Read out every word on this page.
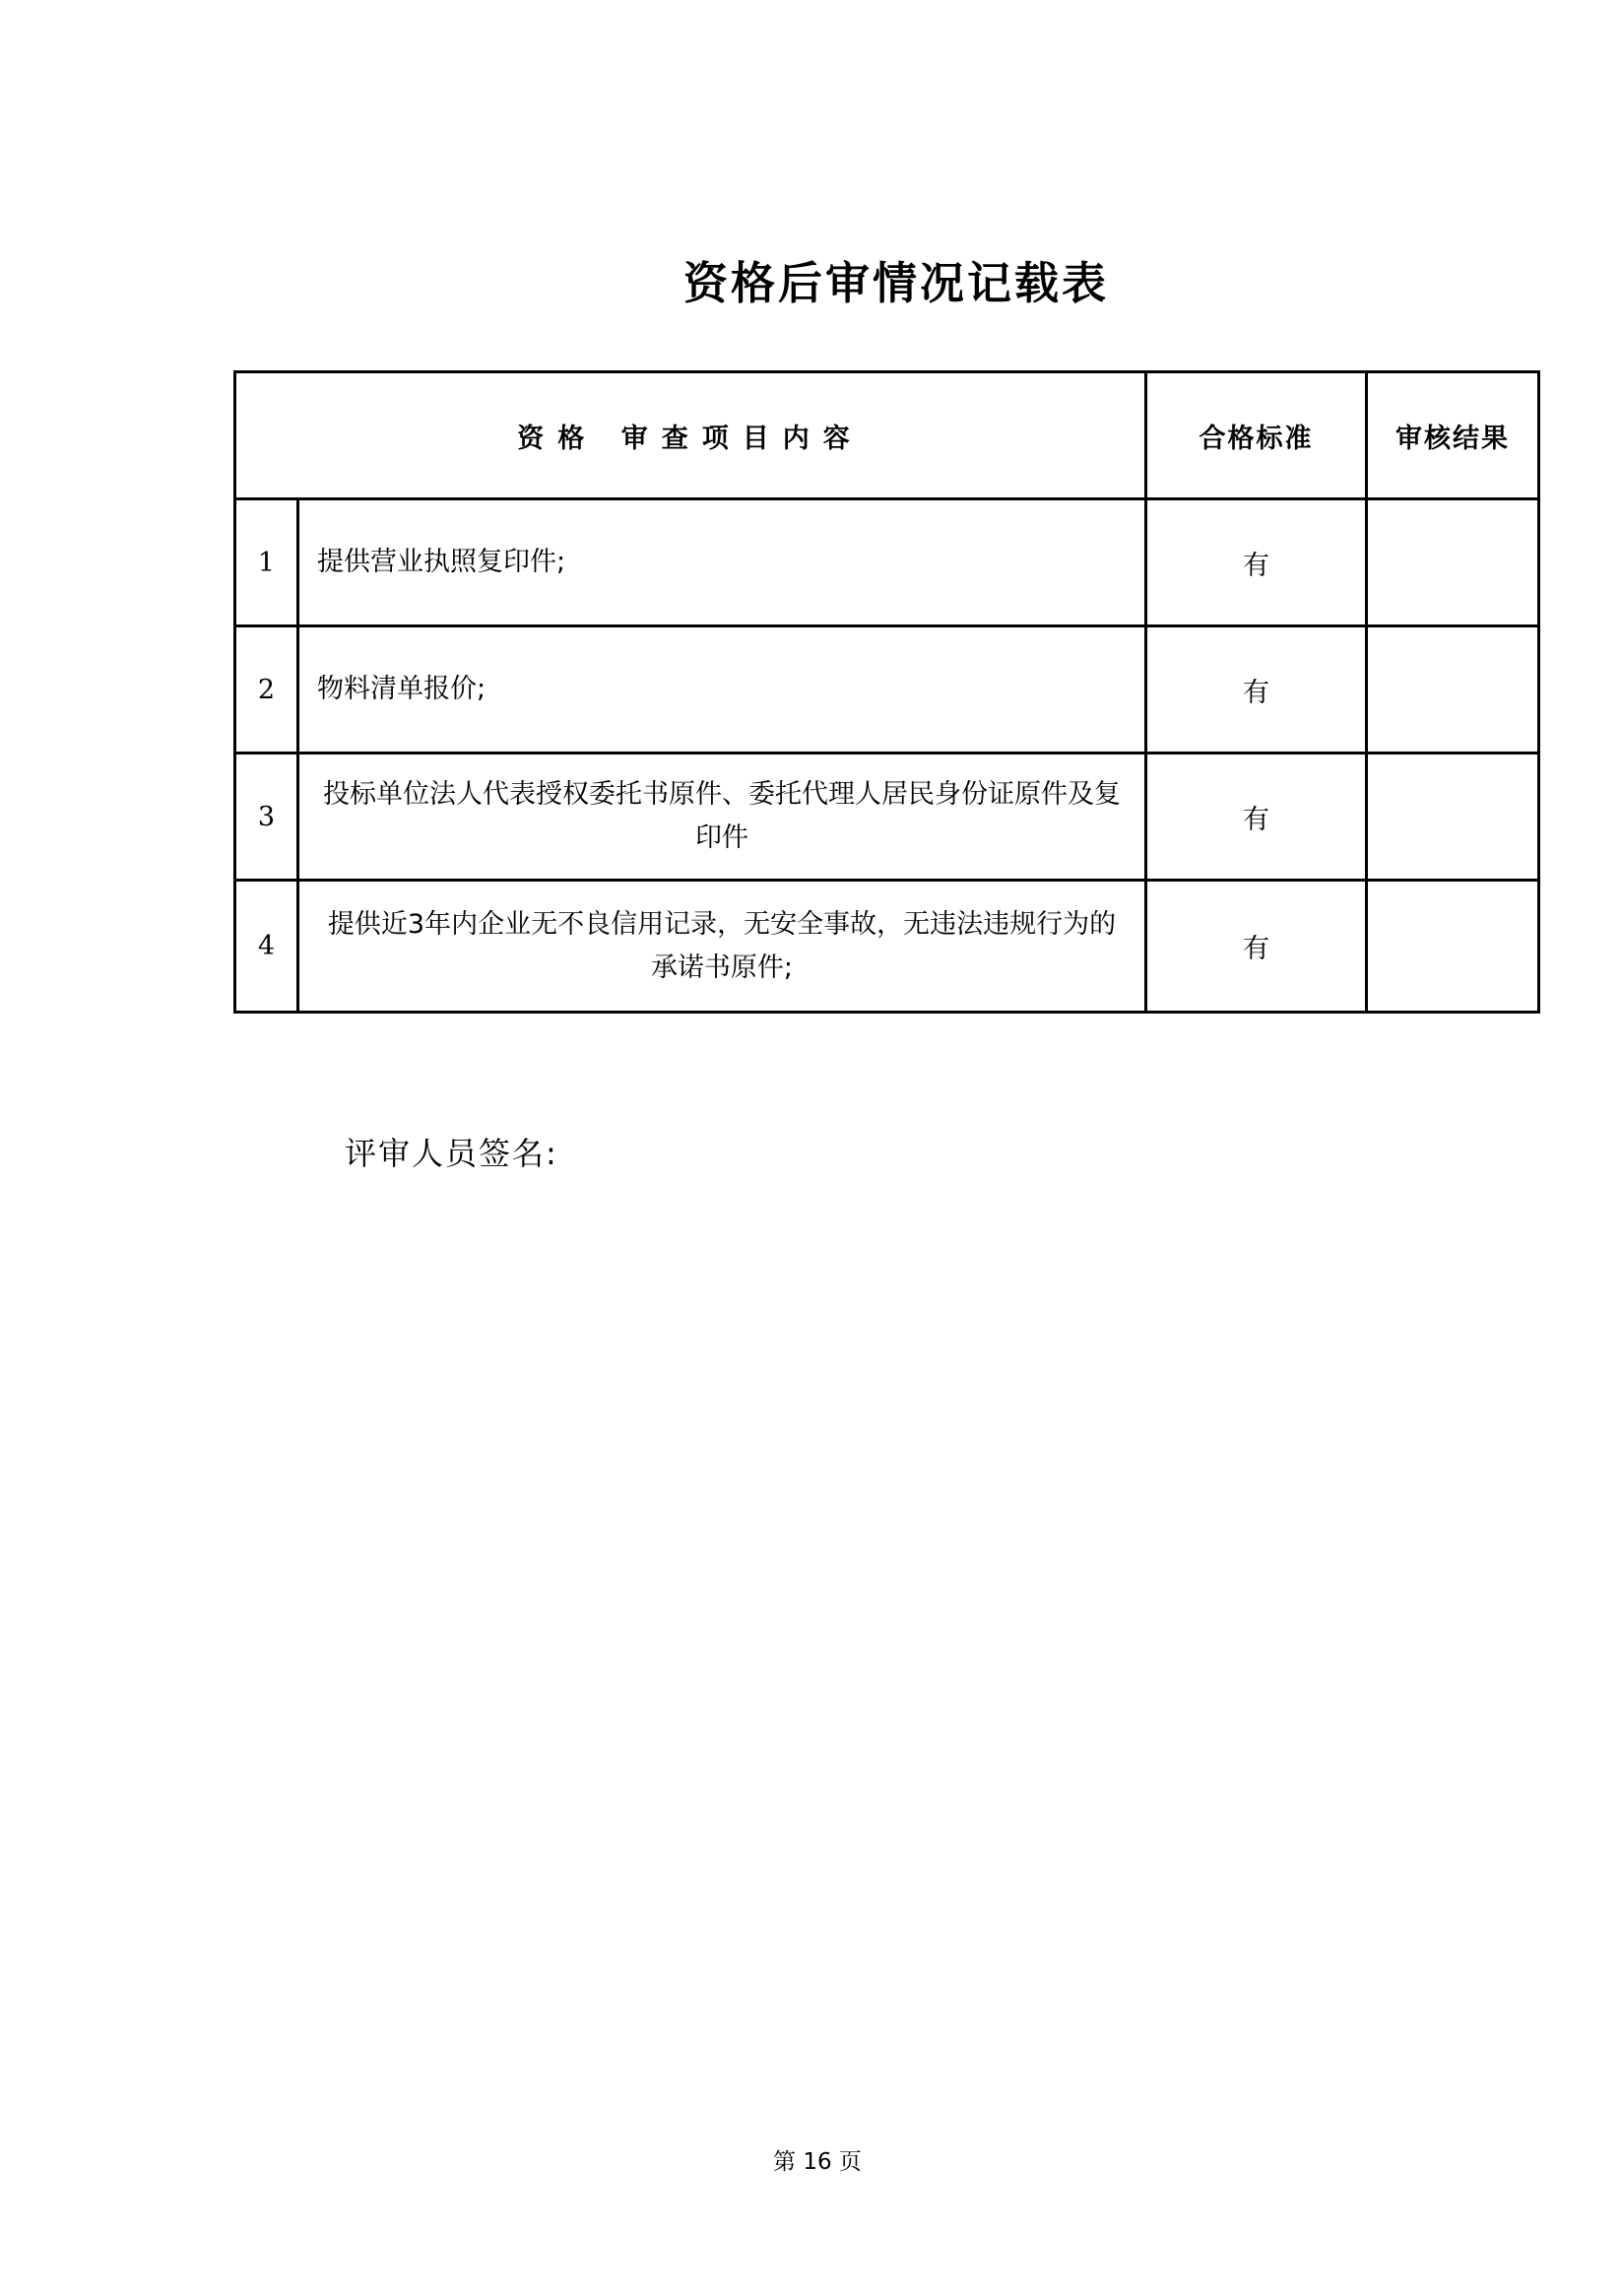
资格后审情况记载表
资格 审查项目内容		合格标准	审核结果
1	提供营业执照复印件;	有	
2	物料清单报价;	有	
3	投标单位法人代表授权委托书原件、委托代理人居民身份证原件及复印件	有	
4	提供近3年内企业无不良信用记录，无安全事故，无违法违规行为的承诺书原件;	有	
评审人员签名:
第 16 页
